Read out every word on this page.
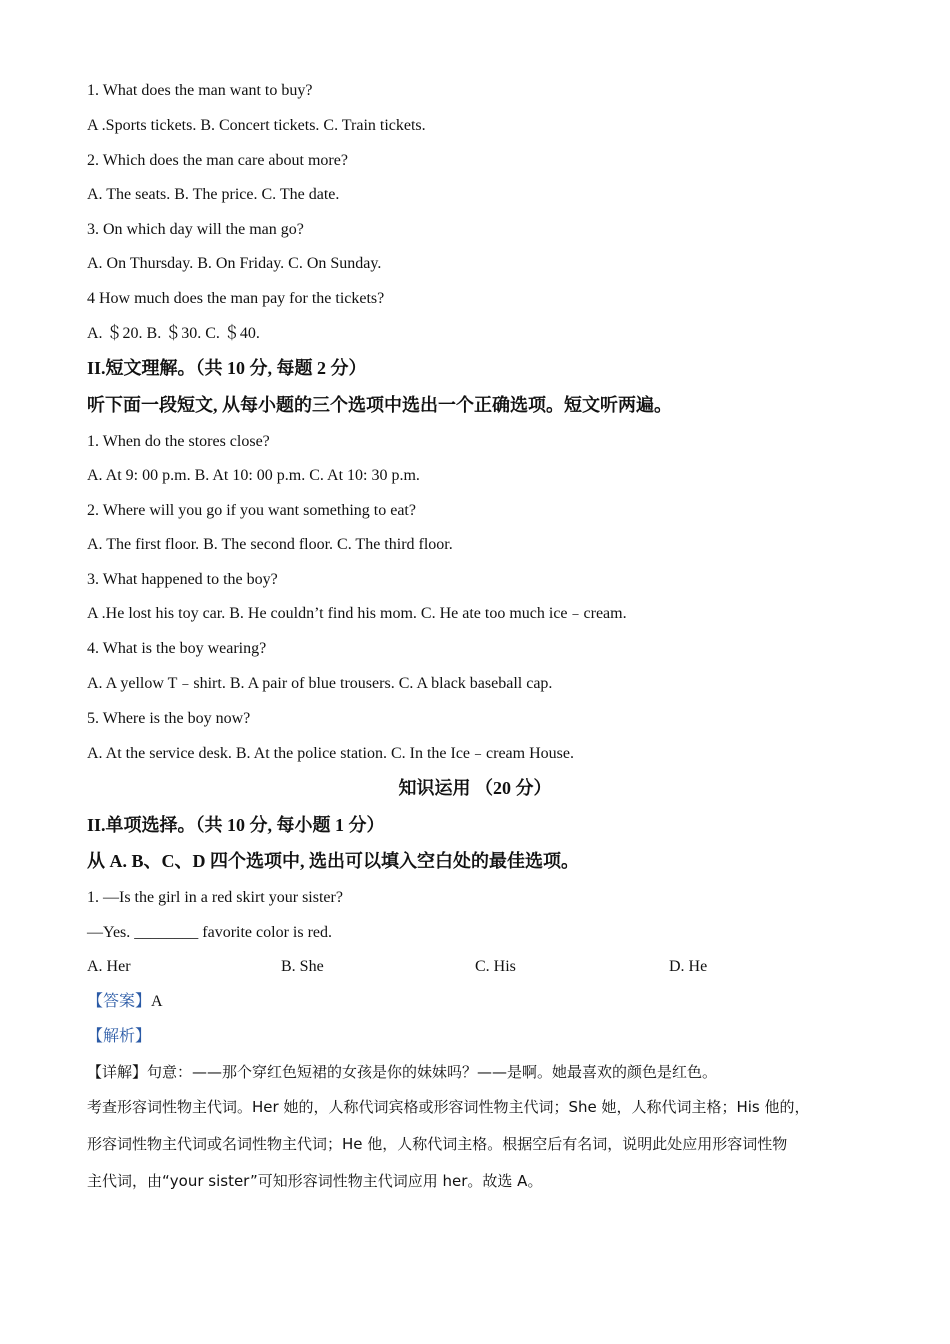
1. What does the man want to buy?
A .Sports tickets. B. Concert tickets. C. Train tickets.
2. Which does the man care about more?
A. The seats. B. The price. C. The date.
3. On which day will the man go?
A. On Thursday. B. On Friday. C. On Sunday.
4 How much does the man pay for the tickets?
A. ＄20. B. ＄30. C. ＄40.
II.短文理解。（共 10 分, 每题 2 分）
听下面一段短文, 从每小题的三个选项中选出一个正确选项。短文听两遍。
1. When do the stores close?
A. At 9: 00 p.m. B. At 10: 00 p.m. C. At 10: 30 p.m.
2. Where will you go if you want something to eat?
A. The first floor. B. The second floor. C. The third floor.
3. What happened to the boy?
A .He lost his toy car. B. He couldn’t find his mom. C. He ate too much ice﹣cream.
4. What is the boy wearing?
A. A yellow T﹣shirt. B. A pair of blue trousers. C. A black baseball cap.
5. Where is the boy now?
A. At the service desk. B. At the police station. C. In the Ice﹣cream House.
知识运用 （20 分）
II.单项选择。（共 10 分, 每小题 1 分）
从 A. B、C、D 四个选项中, 选出可以填入空白处的最佳选项。
1. —Is the girl in a red skirt your sister?
—Yes. ________ favorite color is red.
A. Her	B. She	C. His	D. He
【答案】A
【解析】
【详解】句意：——那个穿红色短裙的女孩是你的妹妹吗？——是啊。她最喜欢的颜色是红色。
考查形容词性物主代词。Her 她的，人称代词宾格或形容词性物主代词；She 她，人称代词主格；His 他的，
形容词性物主代词或名词性物主代词；He 他，人称代词主格。根据空后有名词，说明此处应用形容词性物
主代词，由“your sister”可知形容词性物主代词应用 her。故选 A。
